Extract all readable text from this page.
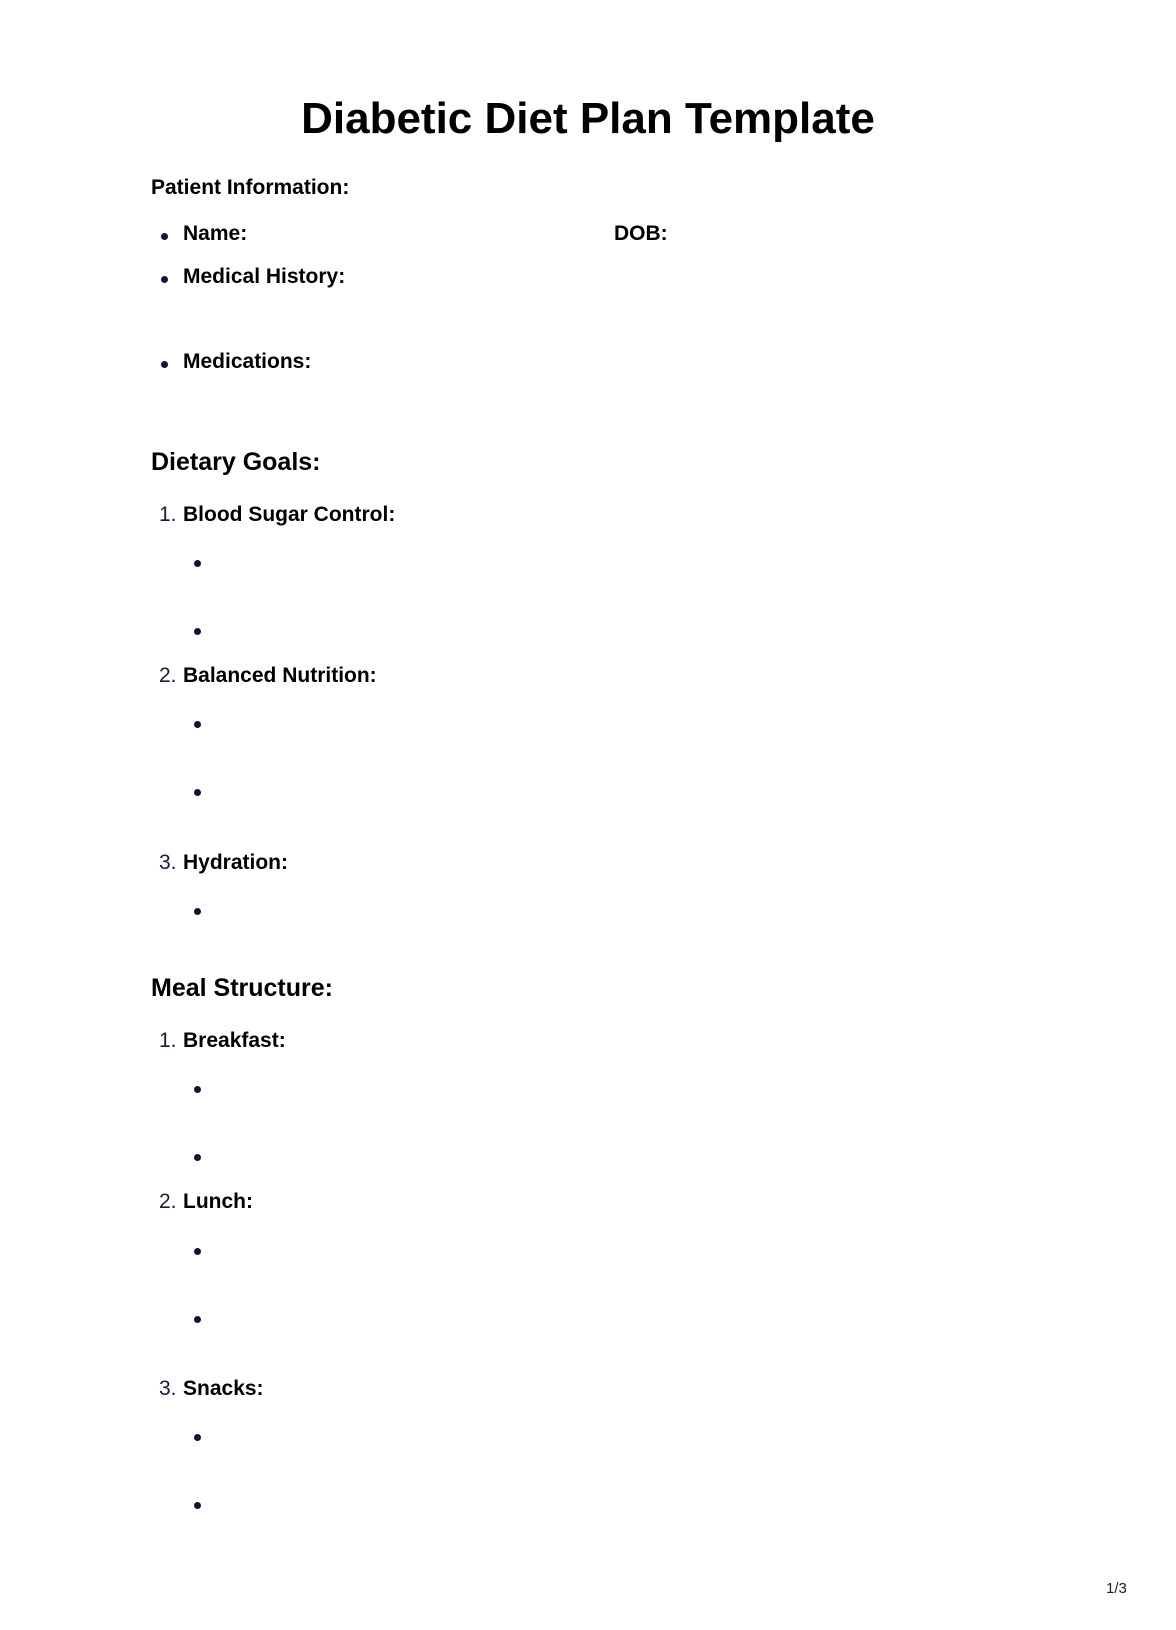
Diabetic Diet Plan Template
Patient Information:
Name:	DOB:
Medical History:
Medications:
Dietary Goals:
1. Blood Sugar Control:
2. Balanced Nutrition:
3. Hydration:
Meal Structure:
1. Breakfast:
2. Lunch:
3. Snacks:
1/3
